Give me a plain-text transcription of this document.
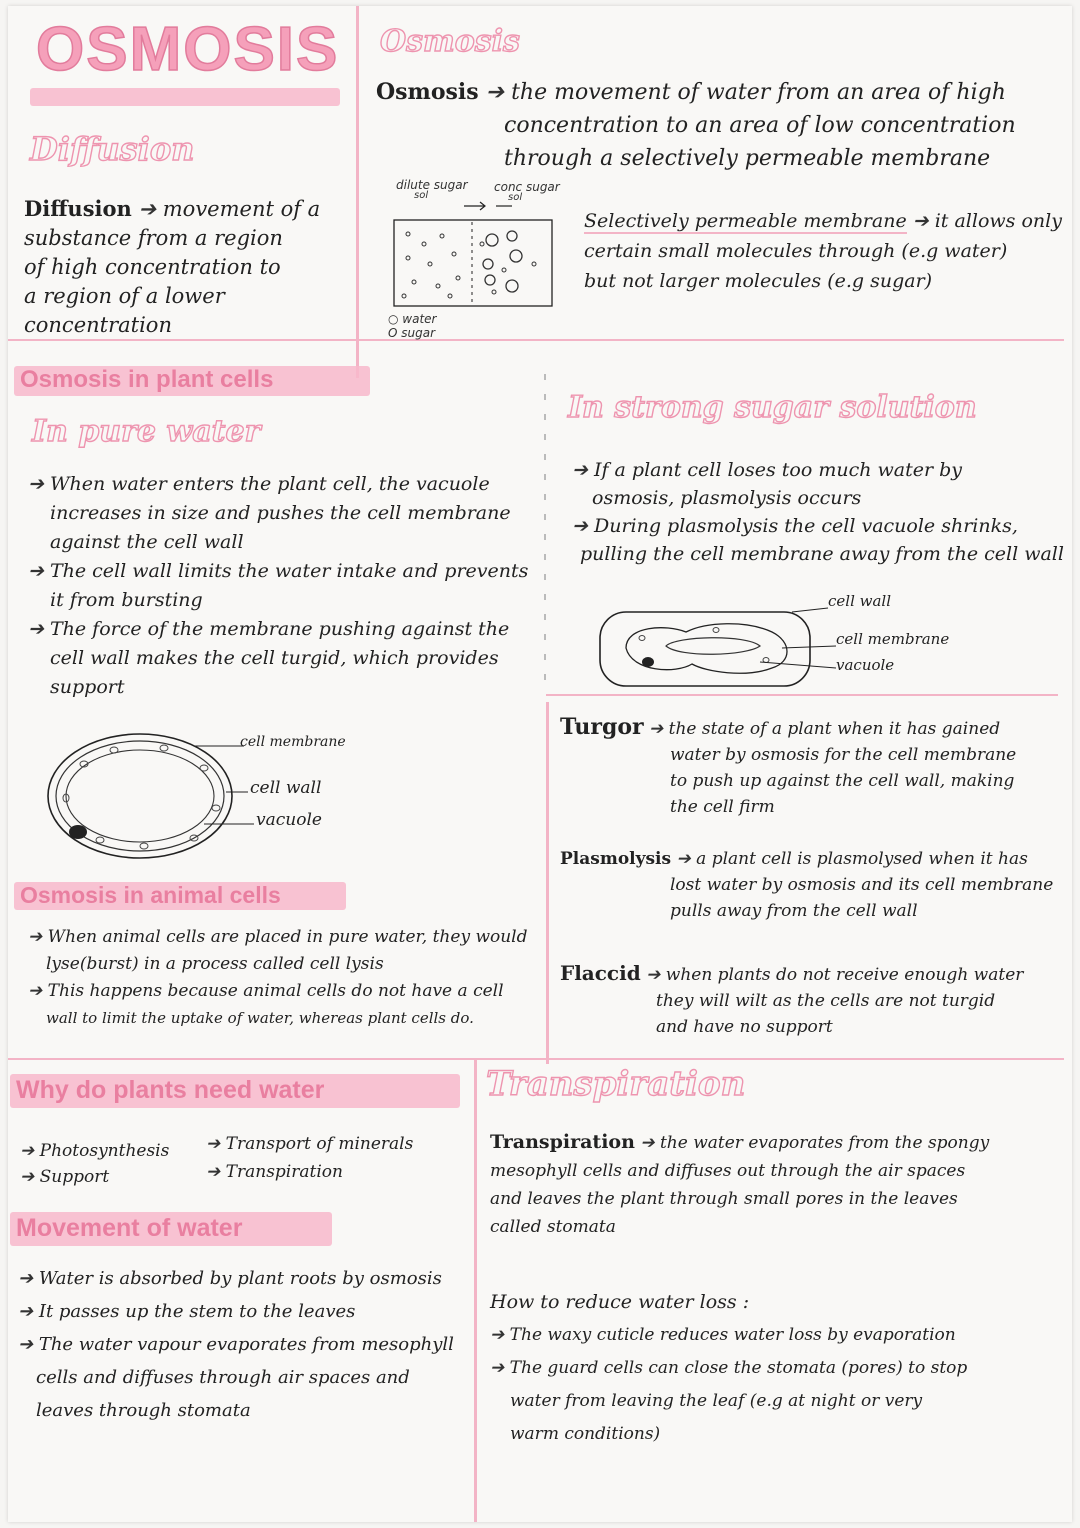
OSMOSIS Osmosis
Diffusion
Osmosis ➔ the movement of water from an area of high
concentration to an area of low concentration
through a selectively permeable membrane
Diffusion ➔ movement of a
substance from a region
of high concentration to
a region of a lower
concentration
dilute sugar
sol
conc sugar
sol
○ water
O sugar
Selectively permeable membrane ➔ it allows only
certain small molecules through (e.g water)
but not larger molecules (e.g sugar)
Osmosis in plant cells
In pure water
➔ When water enters the plant cell, the vacuole
increases in size and pushes the cell membrane
against the cell wall
➔ The cell wall limits the water intake and prevents
it from bursting
➔ The force of the membrane pushing against the
cell wall makes the cell turgid, which provides
support
cell membrane
cell wall
vacuole
In strong sugar solution
➔ If a plant cell loses too much water by
osmosis, plasmolysis occurs
➔ During plasmolysis the cell vacuole shrinks,
pulling the cell membrane away from the cell wall
cell wall
cell membrane
vacuole
Turgor ➔ the state of a plant when it has gained
water by osmosis for the cell membrane
to push up against the cell wall, making
the cell firm
Plasmolysis ➔ a plant cell is plasmolysed when it has
lost water by osmosis and its cell membrane
pulls away from the cell wall
Flaccid ➔ when plants do not receive enough water
they will wilt as the cells are not turgid
and have no support
Osmosis in animal cells
➔ When animal cells are placed in pure water, they would
lyse(burst) in a process called cell lysis
➔ This happens because animal cells do not have a cell
wall to limit the uptake of water, whereas plant cells do.
Why do plants need water
➔ Photosynthesis
➔ Support
➔ Transport of minerals
➔ Transpiration
Movement of water
➔ Water is absorbed by plant roots by osmosis
➔ It passes up the stem to the leaves
➔ The water vapour evaporates from mesophyll
cells and diffuses through air spaces and
leaves through stomata
Transpiration
Transpiration ➔ the water evaporates from the spongy
mesophyll cells and diffuses out through the air spaces
and leaves the plant through small pores in the leaves
called stomata
How to reduce water loss :
➔ The waxy cuticle reduces water loss by evaporation
➔ The guard cells can close the stomata (pores) to stop
water from leaving the leaf (e.g at night or very
warm conditions)
